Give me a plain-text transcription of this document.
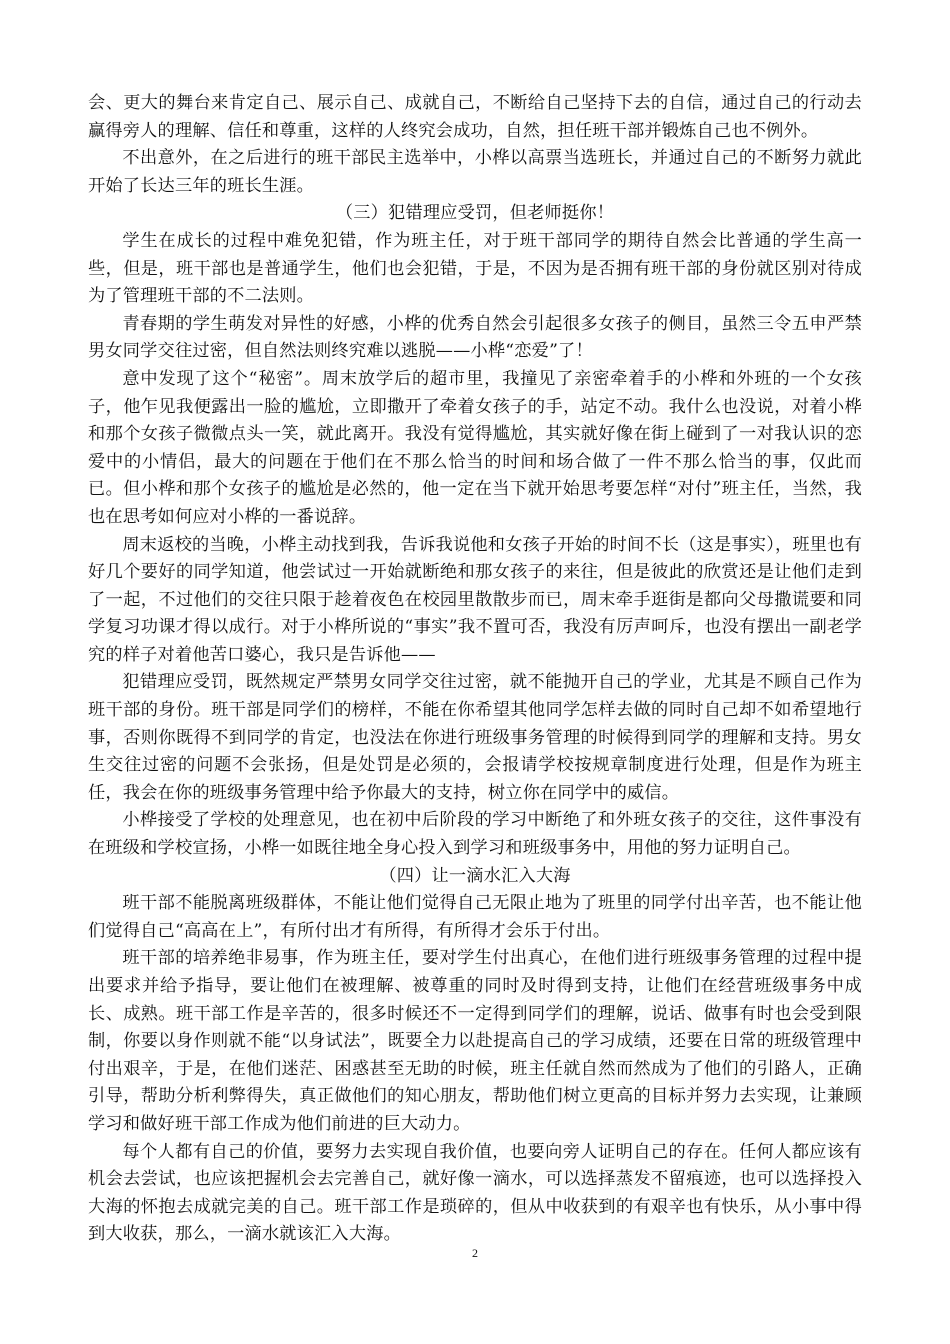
会、更大的舞台来肯定自己、展示自己、成就自己，不断给自己坚持下去的自信，通过自己的行动去赢得旁人的理解、信任和尊重，这样的人终究会成功，自然，担任班干部并锻炼自己也不例外。

不出意外，在之后进行的班干部民主选举中，小桦以高票当选班长，并通过自己的不断努力就此开始了长达三年的班长生涯。

（三）犯错理应受罚，但老师挺你！

学生在成长的过程中难免犯错，作为班主任，对于班干部同学的期待自然会比普通的学生高一些，但是，班干部也是普通学生，他们也会犯错，于是，不因为是否拥有班干部的身份就区别对待成为了管理班干部的不二法则。

青春期的学生萌发对异性的好感，小桦的优秀自然会引起很多女孩子的侧目，虽然三令五申严禁男女同学交往过密，但自然法则终究难以逃脱——小桦“恋爱”了！

意中发现了这个“秘密”。周末放学后的超市里，我撞见了亲密牵着手的小桦和外班的一个女孩子，他乍见我便露出一脸的尴尬，立即撒开了牵着女孩子的手，站定不动。我什么也没说，对着小桦和那个女孩子微微点头一笑，就此离开。我没有觉得尴尬，其实就好像在街上碰到了一对我认识的恋爱中的小情侣，最大的问题在于他们在不那么恰当的时间和场合做了一件不那么恰当的事，仅此而已。但小桦和那个女孩子的尴尬是必然的，他一定在当下就开始思考要怎样“对付”班主任，当然，我也在思考如何应对小桦的一番说辞。

周末返校的当晚，小桦主动找到我，告诉我说他和女孩子开始的时间不长（这是事实），班里也有好几个要好的同学知道，他尝试过一开始就断绝和那女孩子的来往，但是彼此的欣赏还是让他们走到了一起，不过他们的交往只限于趁着夜色在校园里散散步而已，周末牵手逛街是都向父母撒谎要和同学复习功课才得以成行。对于小桦所说的“事实”我不置可否，我没有厉声呵斥，也没有摆出一副老学究的样子对着他苦口婆心，我只是告诉他——

犯错理应受罚，既然规定严禁男女同学交往过密，就不能抛开自己的学业，尤其是不顾自己作为班干部的身份。班干部是同学们的榜样，不能在你希望其他同学怎样去做的同时自己却不如希望地行事，否则你既得不到同学的肯定，也没法在你进行班级事务管理的时候得到同学的理解和支持。男女生交往过密的问题不会张扬，但是处罚是必须的，会报请学校按规章制度进行处理，但是作为班主任，我会在你的班级事务管理中给予你最大的支持，树立你在同学中的威信。

小桦接受了学校的处理意见，也在初中后阶段的学习中断绝了和外班女孩子的交往，这件事没有在班级和学校宣扬，小桦一如既往地全身心投入到学习和班级事务中，用他的努力证明自己。

（四）让一滴水汇入大海

班干部不能脱离班级群体，不能让他们觉得自己无限止地为了班里的同学付出辛苦，也不能让他们觉得自己“高高在上”，有所付出才有所得，有所得才会乐于付出。

班干部的培养绝非易事，作为班主任，要对学生付出真心，在他们进行班级事务管理的过程中提出要求并给予指导，要让他们在被理解、被尊重的同时及时得到支持，让他们在经营班级事务中成长、成熟。班干部工作是辛苦的，很多时候还不一定得到同学们的理解，说话、做事有时也会受到限制，你要以身作则就不能“以身试法”，既要全力以赴提高自己的学习成绩，还要在日常的班级管理中付出艰辛，于是，在他们迷茫、困惑甚至无助的时候，班主任就自然而然成为了他们的引路人，正确引导，帮助分析利弊得失，真正做他们的知心朋友，帮助他们树立更高的目标并努力去实现，让兼顾学习和做好班干部工作成为他们前进的巨大动力。

每个人都有自己的价值，要努力去实现自我价值，也要向旁人证明自己的存在。任何人都应该有机会去尝试，也应该把握机会去完善自己，就好像一滴水，可以选择蒸发不留痕迹，也可以选择投入大海的怀抱去成就完美的自己。班干部工作是琐碎的，但从中收获到的有艰辛也有快乐，从小事中得到大收获，那么，一滴水就该汇入大海。

2
